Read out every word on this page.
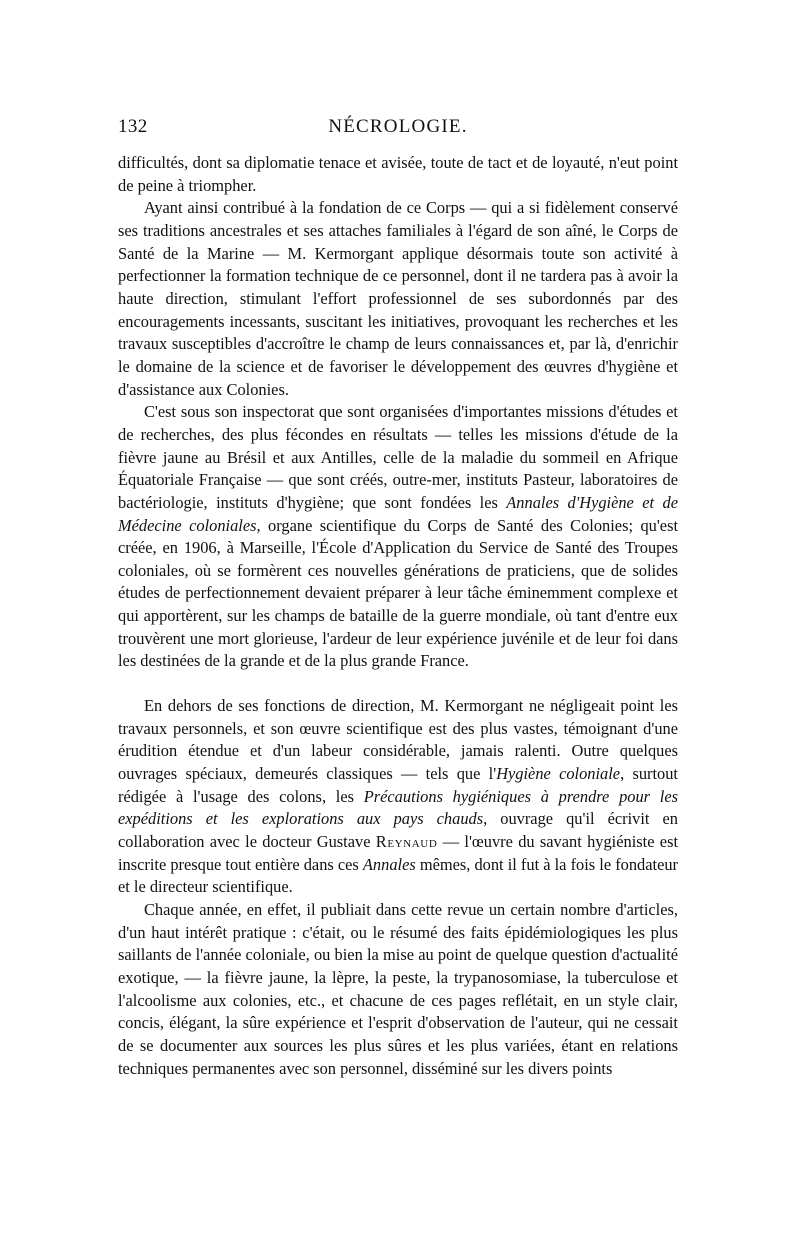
132	NÉCROLOGIE.

difficultés, dont sa diplomatie tenace et avisée, toute de tact et de loyauté, n'eut point de peine à triompher.

Ayant ainsi contribué à la fondation de ce Corps — qui a si fidèlement conservé ses traditions ancestrales et ses attaches familiales à l'égard de son aîné, le Corps de Santé de la Marine — M. Kermorgant applique désormais toute son activité à perfectionner la formation technique de ce personnel, dont il ne tardera pas à avoir la haute direction, stimulant l'effort professionnel de ses subordonnés par des encouragements incessants, suscitant les initiatives, provoquant les recherches et les travaux susceptibles d'accroître le champ de leurs connaissances et, par là, d'enrichir le domaine de la science et de favoriser le développement des œuvres d'hygiène et d'assistance aux Colonies.

C'est sous son inspectorat que sont organisées d'importantes missions d'études et de recherches, des plus fécondes en résultats — telles les missions d'étude de la fièvre jaune au Brésil et aux Antilles, celle de la maladie du sommeil en Afrique Équatoriale Française — que sont créés, outre-mer, instituts Pasteur, laboratoires de bactériologie, instituts d'hygiène; que sont fondées les Annales d'Hygiène et de Médecine coloniales, organe scientifique du Corps de Santé des Colonies; qu'est créée, en 1906, à Marseille, l'École d'Application du Service de Santé des Troupes coloniales, où se formèrent ces nouvelles générations de praticiens, que de solides études de perfectionnement devaient préparer à leur tâche éminemment complexe et qui apportèrent, sur les champs de bataille de la guerre mondiale, où tant d'entre eux trouvèrent une mort glorieuse, l'ardeur de leur expérience juvénile et de leur foi dans les destinées de la grande et de la plus grande France.

En dehors de ses fonctions de direction, M. Kermorgant ne négligeait point les travaux personnels, et son œuvre scientifique est des plus vastes, témoignant d'une érudition étendue et d'un labeur considérable, jamais ralenti. Outre quelques ouvrages spéciaux, demeurés classiques — tels que l'Hygiène coloniale, surtout rédigée à l'usage des colons, les Précautions hygiéniques à prendre pour les expéditions et les explorations aux pays chauds, ouvrage qu'il écrivit en collaboration avec le docteur Gustave Reynaud — l'œuvre du savant hygiéniste est inscrite presque tout entière dans ces Annales mêmes, dont il fut à la fois le fondateur et le directeur scientifique.

Chaque année, en effet, il publiait dans cette revue un certain nombre d'articles, d'un haut intérêt pratique : c'était, ou le résumé des faits épidémiologiques les plus saillants de l'année coloniale, ou bien la mise au point de quelque question d'actualité exotique, — la fièvre jaune, la lèpre, la peste, la trypanosomiase, la tuberculose et l'alcoolisme aux colonies, etc., et chacune de ces pages reflétait, en un style clair, concis, élégant, la sûre expérience et l'esprit d'observation de l'auteur, qui ne cessait de se documenter aux sources les plus sûres et les plus variées, étant en relations techniques permanentes avec son personnel, disséminé sur les divers points
